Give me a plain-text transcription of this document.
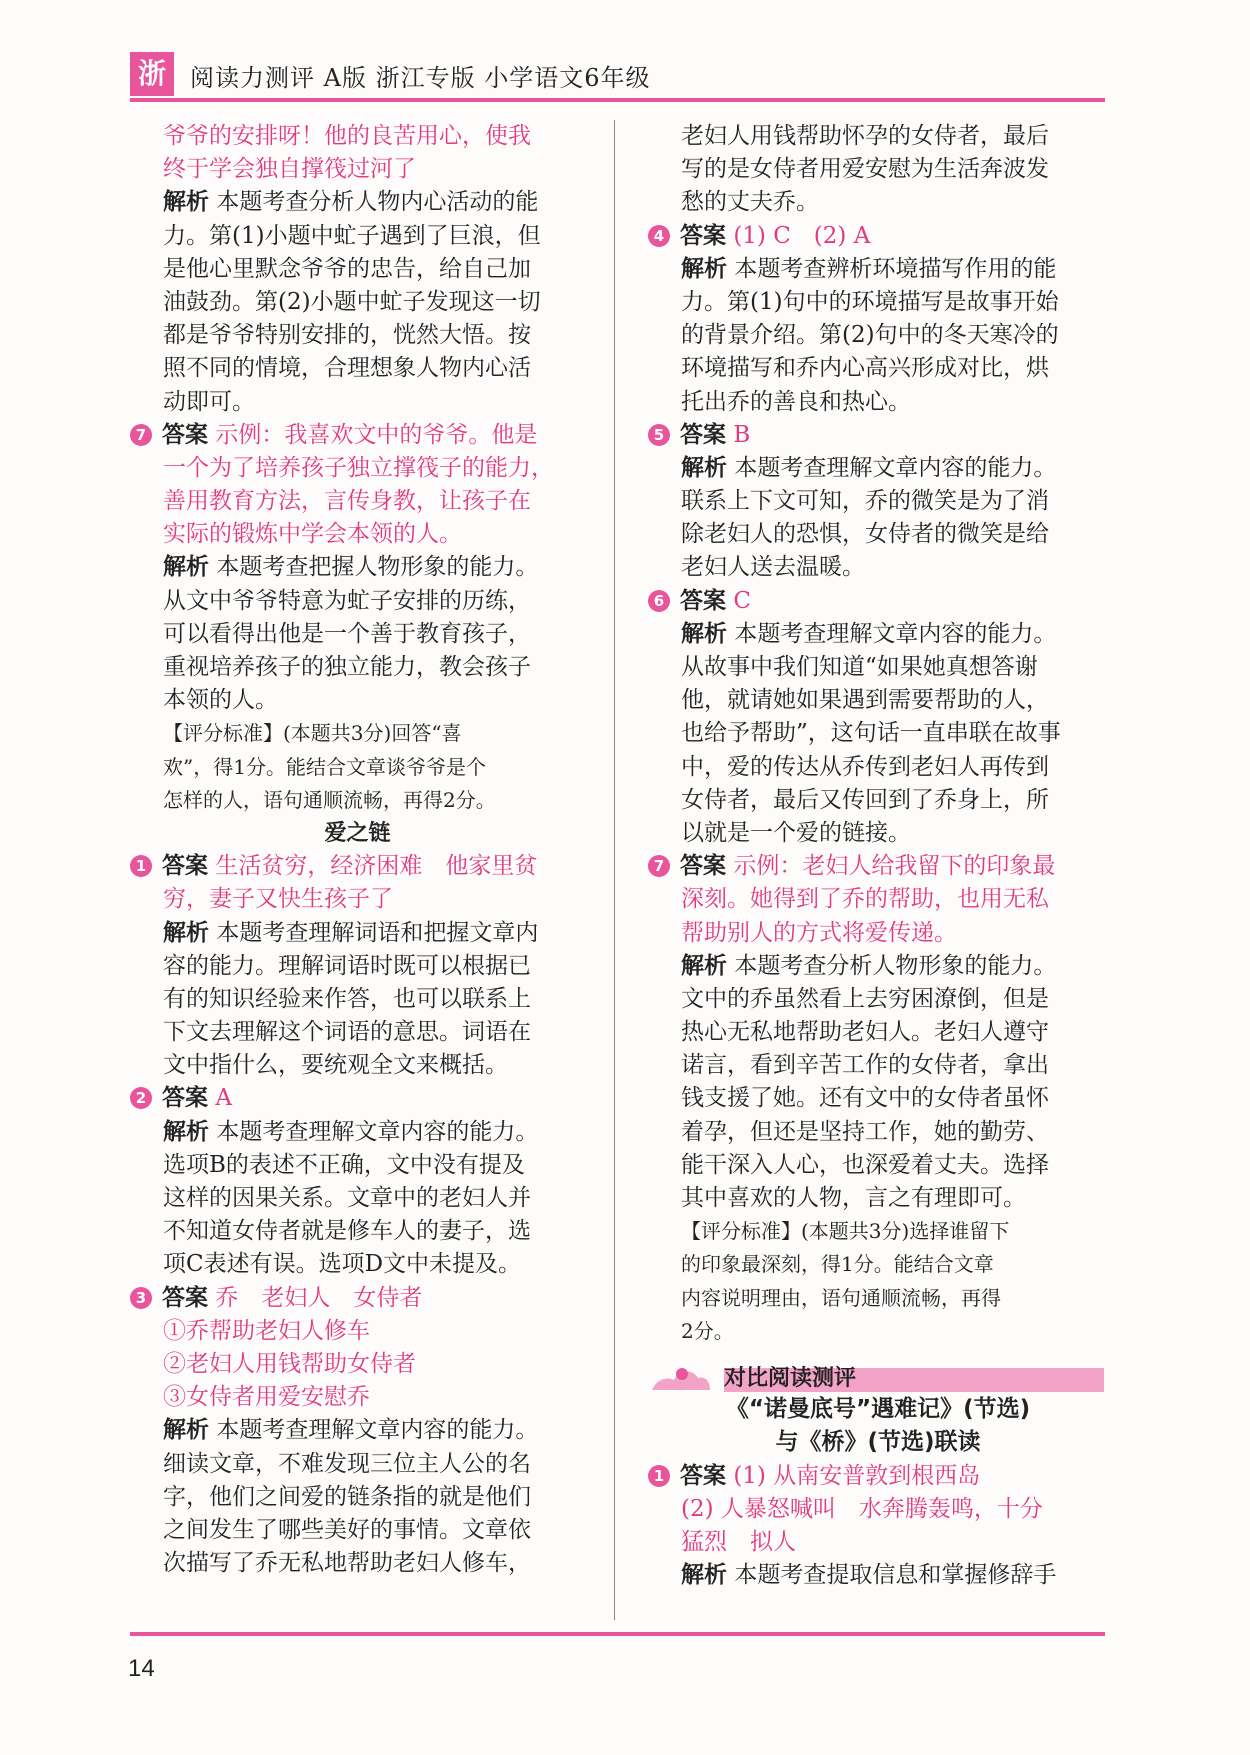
浙	阅读力测评 A版 浙江专版 小学语文6年级
爷爷的安排呀！他的良苦用心，使我
终于学会独自撑筏过河了
解析 本题考查分析人物内心活动的能
力。第(1)小题中虻子遇到了巨浪，但
是他心里默念爷爷的忠告，给自己加
油鼓劲。第(2)小题中虻子发现这一切
都是爷爷特别安排的，恍然大悟。按
照不同的情境，合理想象人物内心活
动即可。
7 答案 示例：我喜欢文中的爷爷。他是
一个为了培养孩子独立撑筏子的能力，
善用教育方法，言传身教，让孩子在
实际的锻炼中学会本领的人。
解析 本题考查把握人物形象的能力。
从文中爷爷特意为虻子安排的历练，
可以看得出他是一个善于教育孩子，
重视培养孩子的独立能力，教会孩子
本领的人。
【评分标准】(本题共3分)回答“喜
欢”，得1分。能结合文章谈爷爷是个
怎样的人，语句通顺流畅，再得2分。
爱之链
1 答案 生活贫穷，经济困难　他家里贫
穷，妻子又快生孩子了
解析 本题考查理解词语和把握文章内
容的能力。理解词语时既可以根据已
有的知识经验来作答，也可以联系上
下文去理解这个词语的意思。词语在
文中指什么，要统观全文来概括。
2 答案 A
解析 本题考查理解文章内容的能力。
选项B的表述不正确，文中没有提及
这样的因果关系。文章中的老妇人并
不知道女侍者就是修车人的妻子，选
项C表述有误。选项D文中未提及。
3 答案 乔　老妇人　女侍者
①乔帮助老妇人修车
②老妇人用钱帮助女侍者
③女侍者用爱安慰乔
解析 本题考查理解文章内容的能力。
细读文章，不难发现三位主人公的名
字，他们之间爱的链条指的就是他们
之间发生了哪些美好的事情。文章依
次描写了乔无私地帮助老妇人修车，
老妇人用钱帮助怀孕的女侍者，最后
写的是女侍者用爱安慰为生活奔波发
愁的丈夫乔。
4 答案 (1) C　(2) A
解析 本题考查辨析环境描写作用的能
力。第(1)句中的环境描写是故事开始
的背景介绍。第(2)句中的冬天寒冷的
环境描写和乔内心高兴形成对比，烘
托出乔的善良和热心。
5 答案 B
解析 本题考查理解文章内容的能力。
联系上下文可知，乔的微笑是为了消
除老妇人的恐惧，女侍者的微笑是给
老妇人送去温暖。
6 答案 C
解析 本题考查理解文章内容的能力。
从故事中我们知道“如果她真想答谢
他，就请她如果遇到需要帮助的人，
也给予帮助”，这句话一直串联在故事
中，爱的传达从乔传到老妇人再传到
女侍者，最后又传回到了乔身上，所
以就是一个爱的链接。
7 答案 示例：老妇人给我留下的印象最
深刻。她得到了乔的帮助，也用无私
帮助别人的方式将爱传递。
解析 本题考查分析人物形象的能力。
文中的乔虽然看上去穷困潦倒，但是
热心无私地帮助老妇人。老妇人遵守
诺言，看到辛苦工作的女侍者，拿出
钱支援了她。还有文中的女侍者虽怀
着孕，但还是坚持工作，她的勤劳、
能干深入人心，也深爱着丈夫。选择
其中喜欢的人物，言之有理即可。
【评分标准】(本题共3分)选择谁留下
的印象最深刻，得1分。能结合文章
内容说明理由，语句通顺流畅，再得
2分。
对比阅读测评
《“诺曼底号”遇难记》(节选)
与《桥》(节选)联读
1 答案 (1) 从南安普敦到根西岛
(2) 人暴怒喊叫　水奔腾轰鸣，十分
猛烈　拟人
解析 本题考查提取信息和掌握修辞手
14
